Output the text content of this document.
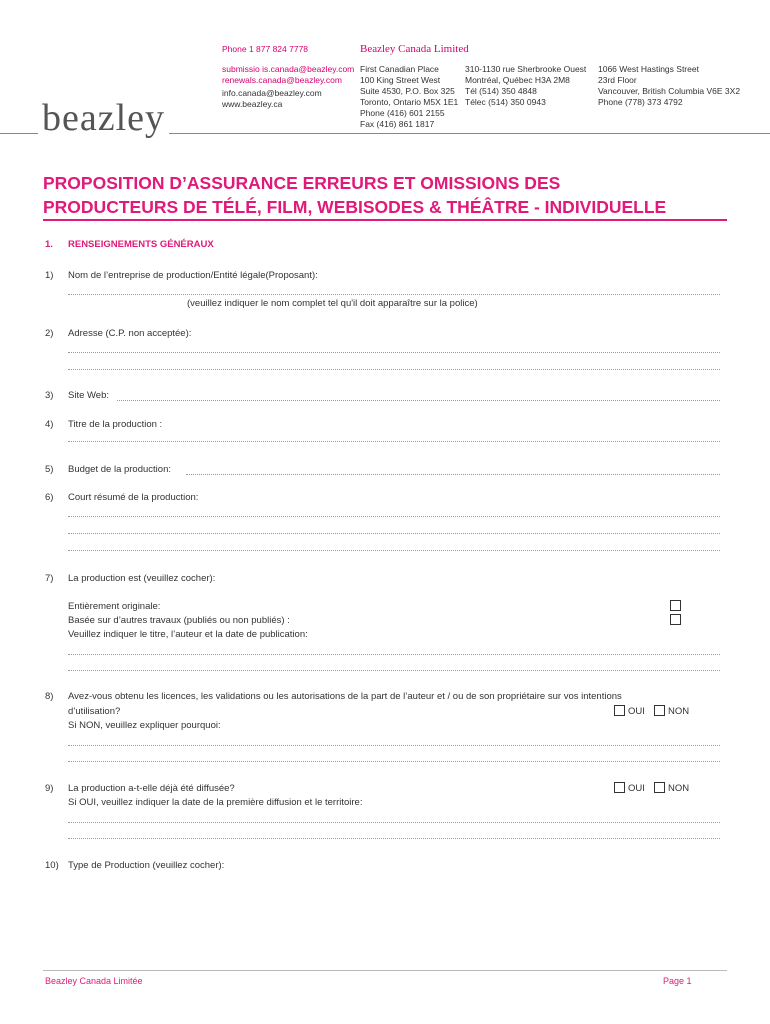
Phone 1 877 824 7778
submissio is.canada@beazley.com
renewals.canada@beazley.com
info.canada@beazley.com
www.beazley.ca
Beazley Canada Limited
First Canadian Place
100 King Street West
Suite 4530, P.O. Box 325
Toronto, Ontario M5X 1E1
Phone (416) 601 2155
Fax (416) 861 1817
310-1130 rue Sherbrooke Ouest
Montréal, Québec H3A 2M8
Tél (514) 350 4848
Télec (514) 350 0943
1066 West Hastings Street
23rd Floor
Vancouver, British Columbia V6E 3X2
Phone (778) 373 4792
beazley
PROPOSITION D’ASSURANCE ERREURS ET OMISSIONS DES
PRODUCTEURS DE TÉLÉ, FILM, WEBISODES & THÉÂTRE - INDIVIDUELLE
1. RENSEIGNEMENTS GÉNÉRAUX
1) Nom de l’entreprise de production/Entité légale(Proposant):
(veuillez indiquer le nom complet tel qu'il doit apparaître sur la police)
2) Adresse (C.P. non acceptée):
3) Site Web:
4) Titre de la production :
5) Budget de la production:
6) Court résumé de la production:
7) La production est (veuillez cocher):
Entièrement originale:
Basée sur d’autres travaux (publiés ou non publiés) :
Veuillez indiquer le titre, l’auteur et la date de publication:
8) Avez-vous obtenu les licences, les validations ou les autorisations de la part de l’auteur et / ou de son propriétaire sur vos intentions
d’utilisation?	OUI NON
Si NON, veuillez expliquer pourquoi:
9) La production a-t-elle déjà été diffusée?	OUI NON
Si OUI, veuillez indiquer la date de la première diffusion et le territoire:
10) Type de Production (veuillez cocher):
Beazley Canada Limitée	Page 1
